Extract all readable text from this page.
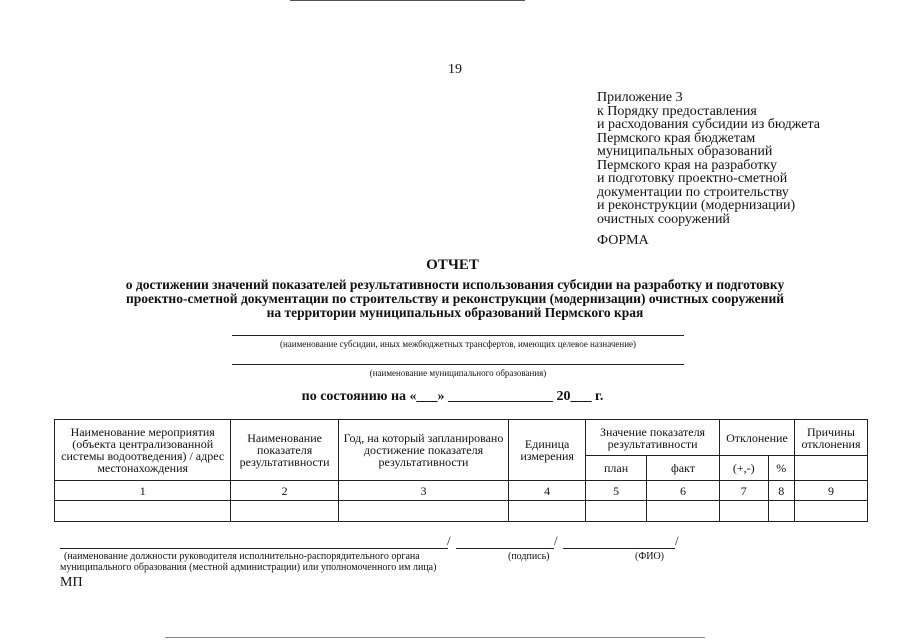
19
Приложение 3
к Порядку предоставления
и расходования субсидии из бюджета
Пермского края бюджетам
муниципальных образований
Пермского края на разработку
и подготовку проектно-сметной
документации по строительству
и реконструкции (модернизации)
очистных сооружений
ФОРМА
ОТЧЕТ
о достижении значений показателей результативности использования субсидии на разработку и подготовку
проектно-сметной документации по строительству и реконструкции (модернизации) очистных сооружений
на территории муниципальных образований Пермского края
(наименование субсидии, иных межбюджетных трансфертов, имеющих целевое назначение)
(наименование муниципального образования)
по состоянию на «___» _______________ 20___ г.
Наименование мероприятия (объекта централизованной системы водоотведения) / адрес местонахождения	Наименование показателя результативности	Год, на который запланировано достижение показателя результативности	Единица измерения	Значение показателя результативности		Отклонение		Причины отклонения
				план	факт	(+,-)	%	
1	2	3	4	5	6	7	8	9

/	/	/
(наименование должности руководителя исполнительно-распорядительного органа	(подпись)	(ФИО)
муниципального образования (местной администрации) или уполномоченного им лица)
МП
